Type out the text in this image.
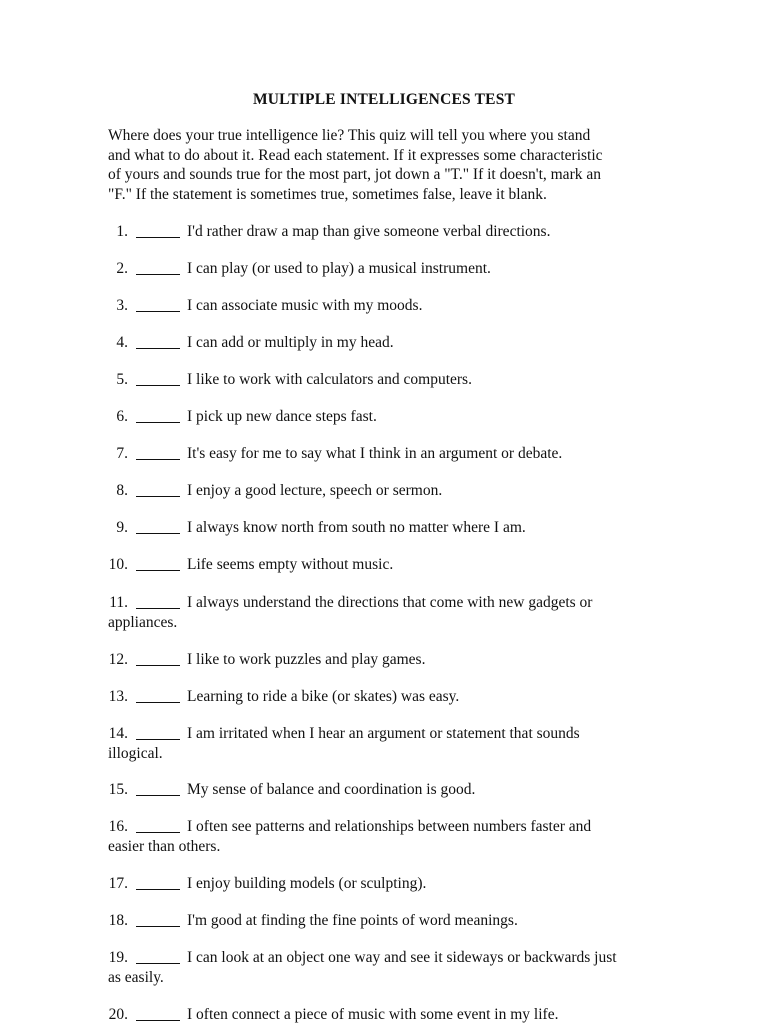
MULTIPLE INTELLIGENCES TEST
Where does your true intelligence lie? This quiz will tell you where you stand
and what to do about it. Read each statement. If it expresses some characteristic
of yours and sounds true for the most part, jot down a "T." If it doesn't, mark an
"F." If the statement is sometimes true, sometimes false, leave it blank.
1.	I'd rather draw a map than give someone verbal directions.
2.	I can play (or used to play) a musical instrument.
3.	I can associate music with my moods.
4.	I can add or multiply in my head.
5.	I like to work with calculators and computers.
6.	I pick up new dance steps fast.
7.	It's easy for me to say what I think in an argument or debate.
8.	I enjoy a good lecture, speech or sermon.
9.	I always know north from south no matter where I am.
10.	Life seems empty without music.
11.	I always understand the directions that come with new gadgets or
appliances.
12.	I like to work puzzles and play games.
13.	Learning to ride a bike (or skates) was easy.
14.	I am irritated when I hear an argument or statement that sounds
illogical.
15.	My sense of balance and coordination is good.
16.	I often see patterns and relationships between numbers faster and
easier than others.
17.	I enjoy building models (or sculpting).
18.	I'm good at finding the fine points of word meanings.
19.	I can look at an object one way and see it sideways or backwards just
as easily.
20.	I often connect a piece of music with some event in my life.
